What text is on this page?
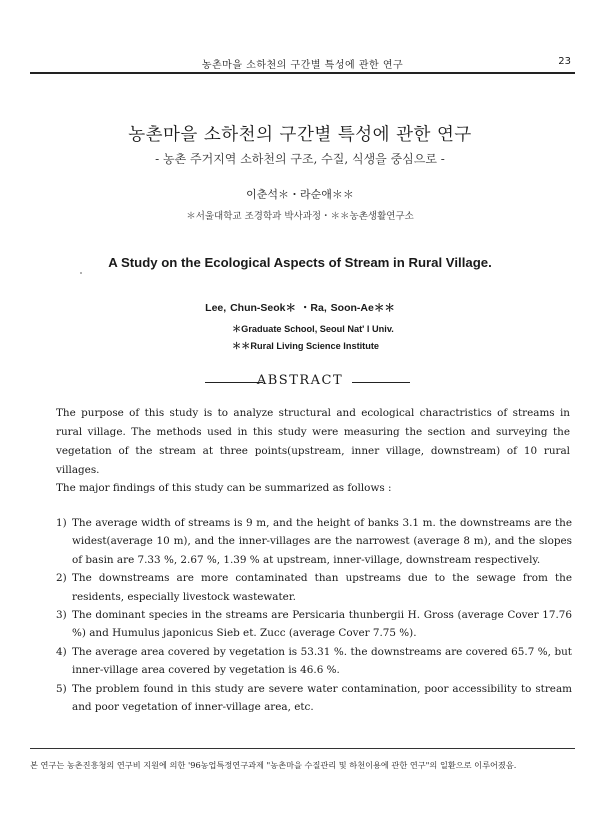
농촌마을 소하천의 구간별 특성에 관한 연구	23
농촌마을 소하천의 구간별 특성에 관한 연구
- 농촌 주거지역 소하천의 구조, 수질, 식생을 중심으로 -
이춘석＊・라순애＊＊
＊서울대학교 조경학과 박사과정・＊＊농촌생활연구소
A Study on the Ecological Aspects of Stream in Rural Village.
Lee, Chun-Seok＊ ・Ra, Soon-Ae＊＊
＊Graduate School, Seoul Nat' l Univ.
＊＊Rural Living Science Institute
ABSTRACT
The purpose of this study is to analyze structural and ecological charactristics of streams in rural village. The methods used in this study were measuring the section and surveying the vegetation of the stream at three points(upstream, inner village, downstream) of 10 rural villages.
The major findings of this study can be summarized as follows :
1) The average width of streams is 9 m, and the height of banks 3.1 m. the downstreams are the widest(average 10 m), and the inner-villages are the narrowest (average 8 m), and the slopes of basin are 7.33 %, 2.67 %, 1.39 % at upstream, inner-village, downstream respectively.
2) The downstreams are more contaminated than upstreams due to the sewage from the residents, especially livestock wastewater.
3) The dominant species in the streams are Persicaria thunbergii H. Gross (average Cover 17.76 %) and Humulus japonicus Sieb et. Zucc (average Cover 7.75 %).
4) The average area covered by vegetation is 53.31 %. the downstreams are covered 65.7 %, but inner-village area covered by vegetation is 46.6 %.
5) The problem found in this study are severe water contamination, poor accessibility to stream and poor vegetation of inner-village area, etc.
본 연구는 농촌진흥청의 연구비 지원에 의한 '96농업특정연구과제 "농촌마을 수질관리 및 하천이용에 관한 연구"의 일환으로 이루어졌음.
